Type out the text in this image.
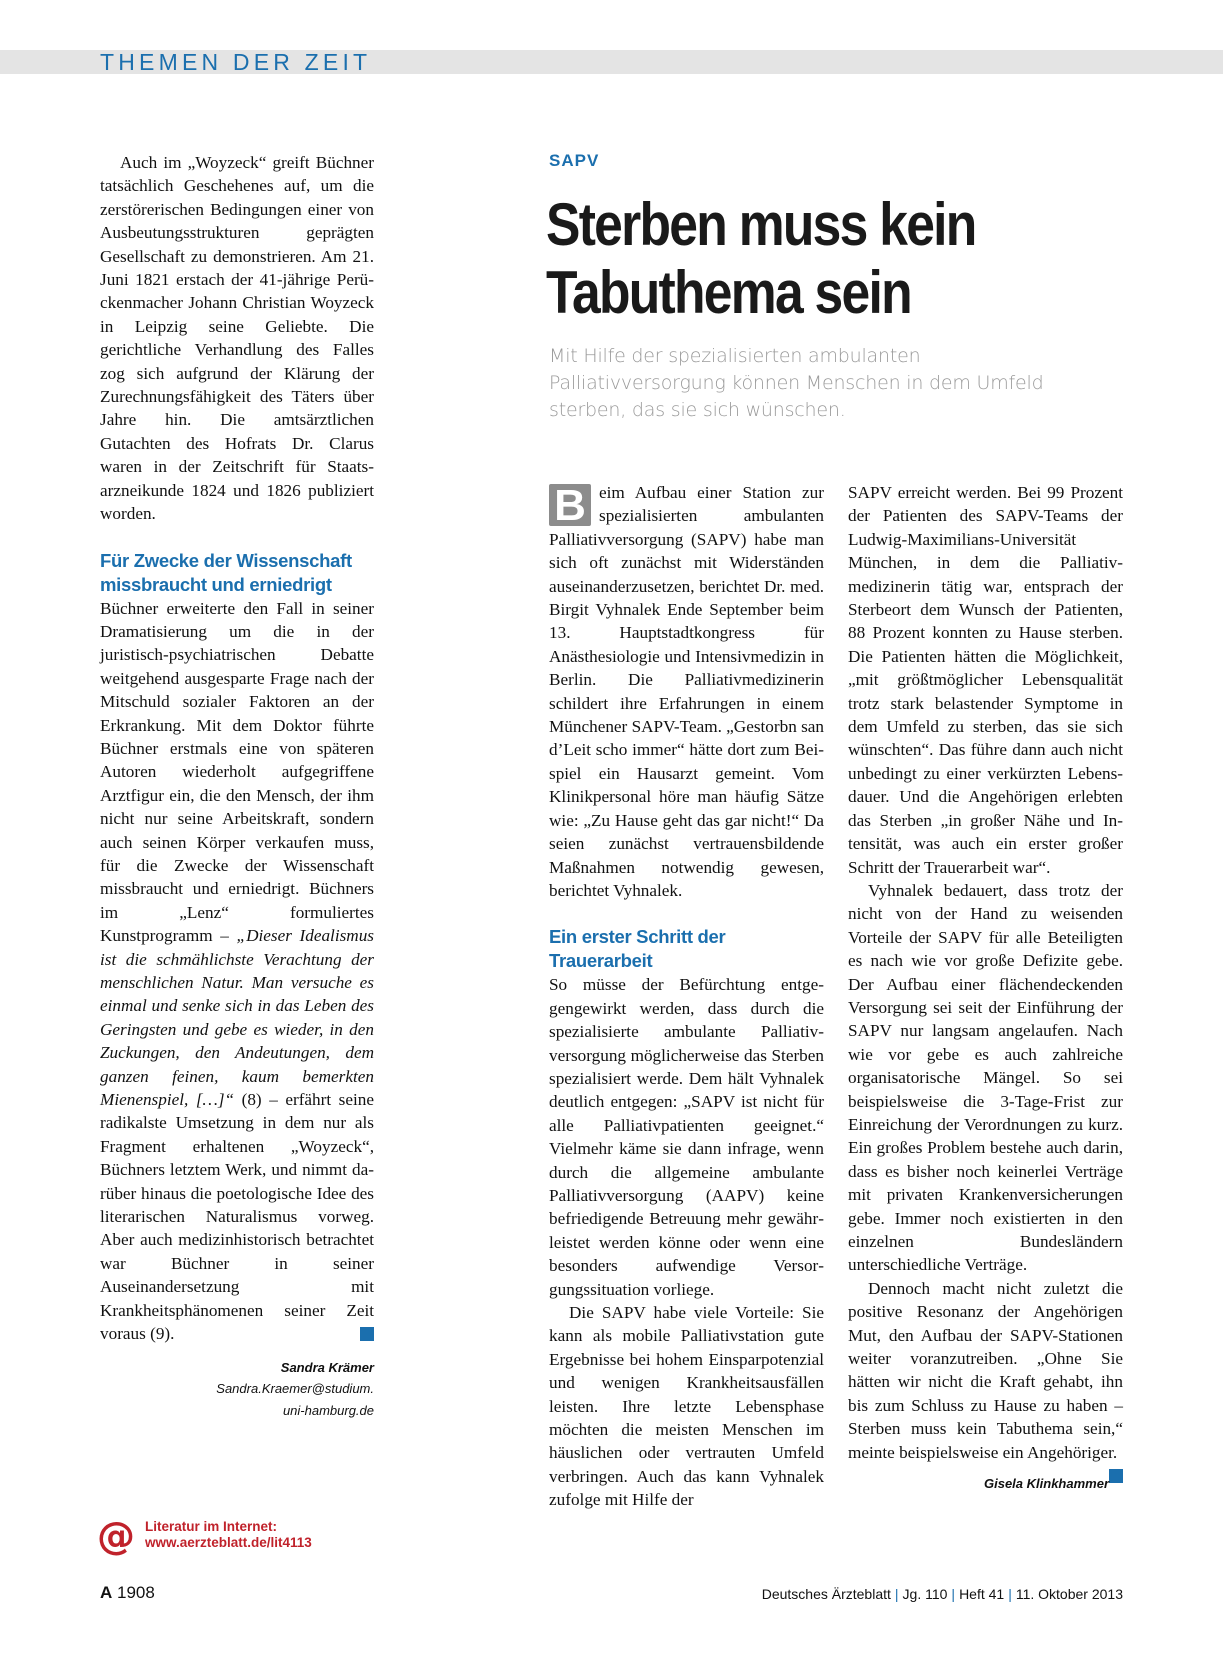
THEMEN DER ZEIT

Auch im „Woyzeck“ greift Büchner tatsächlich Geschehenes auf, um die zerstörerischen Bedingungen einer von Ausbeutungsstrukturen geprägten Gesellschaft zu demonstrieren. Am 21. Juni 1821 erstach der 41-jährige Perückenmacher Johann Christian Woyzeck in Leipzig seine Geliebte. Die gerichtliche Verhandlung des Falles zog sich aufgrund der Klärung der Zurechnungsfähigkeit des Täters über Jahre hin. Die amtsärztlichen Gutachten des Hofrats Dr. Clarus waren in der Zeitschrift für Staatsarzneikunde 1824 und 1826 publiziert worden.

Für Zwecke der Wissenschaft missbraucht und erniedrigt

Büchner erweiterte den Fall in seiner Dramatisierung um die in der juristisch-psychiatrischen Debatte weitgehend ausgesparte Frage nach der Mitschuld sozialer Faktoren an der Erkrankung. Mit dem Doktor führte Büchner erstmals eine von späteren Autoren wiederholt aufgegriffene Arztfigur ein, die den Mensch, der ihm nicht nur seine Arbeitskraft, sondern auch seinen Körper verkaufen muss, für die Zwecke der Wissenschaft missbraucht und erniedrigt. Büchners im „Lenz“ formuliertes Kunstprogramm – „Dieser Idealismus ist die schmählichste Verachtung der menschlichen Natur. Man versuche es einmal und senke sich in das Leben des Geringsten und gebe es wieder, in den Zuckungen, den Andeutungen, dem ganzen feinen, kaum bemerkten Mienenspiel, […]“ (8) – erfährt seine radikalste Umsetzung in dem nur als Fragment erhaltenen „Woyzeck“, Büchners letztem Werk, und nimmt darüber hinaus die poetologische Idee des literarischen Naturalismus vorweg. Aber auch medizinhistorisch betrachtet war Büchner in seiner Auseinandersetzung mit Krankheitsphänomenen seiner Zeit voraus (9).

Sandra Krämer
Sandra.Kraemer@studium.
uni-hamburg.de
@ Literatur im Internet:
www.aerzteblatt.de/lit4113
SAPV
Sterben muss kein
Tabuthema sein
Mit Hilfe der spezialisierten ambulanten Palliativversorgung können Menschen in dem Umfeld sterben, das sie sich wünschen.

B eim Aufbau einer Station zur spezialisierten ambulanten Palliativversorgung (SAPV) habe man sich oft zunächst mit Widerständen auseinanderzusetzen, berichtet Dr. med. Birgit Vyhnalek Ende September beim 13. Hauptstadtkongress für Anästhesiologie und Intensivmedizin in Berlin. Die Palliativmedizinerin schildert ihre Erfahrungen in einem Münchener SAPV-Team. „Gestorbn san d’Leit scho immer“ hätte dort zum Beispiel ein Hausarzt gemeint. Vom Klinikpersonal höre man häufig Sätze wie: „Zu Hause geht das gar nicht!“ Da seien zunächst vertrauensbildende Maßnahmen notwendig gewesen, berichtet Vyhnalek.

Ein erster Schritt der Trauerarbeit

So müsse der Befürchtung entgegengewirkt werden, dass durch die spezialisierte ambulante Palliativversorgung möglicherweise das Sterben spezialisiert werde. Dem hält Vyhnalek deutlich entgegen: „SAPV ist nicht für alle Palliativpatienten geeignet.“ Vielmehr käme sie dann infrage, wenn durch die allgemeine ambulante Palliativversorgung (AAPV) keine befriedigende Betreuung mehr gewährleistet werden könne oder wenn eine besonders aufwendige Versorgungssituation vorliege.

Die SAPV habe viele Vorteile: Sie kann als mobile Palliativstation gute Ergebnisse bei hohem Einsparpotenzial und wenigen Krankheitsausfällen leisten. Ihre letzte Lebensphase möchten die meisten Menschen im häuslichen oder vertrauten Umfeld verbringen. Auch das kann Vyhnalek zufolge mit Hilfe der

SAPV erreicht werden. Bei 99 Prozent der Patienten des SAPV-Teams der Ludwig-Maximilians-Universität München, in dem die Palliativmedizinerin tätig war, entsprach der Sterbeort dem Wunsch der Patienten, 88 Prozent konnten zu Hause sterben. Die Patienten hätten die Möglichkeit, „mit größtmöglicher Lebensqualität trotz stark belastender Symptome in dem Umfeld zu sterben, das sie sich wünschten“. Das führe dann auch nicht unbedingt zu einer verkürzten Lebensdauer. Und die Angehörigen erlebten das Sterben „in großer Nähe und Intensität, was auch ein erster großer Schritt der Trauerarbeit war“.

Vyhnalek bedauert, dass trotz der nicht von der Hand zu weisenden Vorteile der SAPV für alle Beteiligten es nach wie vor große Defizite gebe. Der Aufbau einer flächendeckenden Versorgung sei seit der Einführung der SAPV nur langsam angelaufen. Nach wie vor gebe es auch zahlreiche organisatorische Mängel. So sei beispielsweise die 3-Tage-Frist zur Einreichung der Verordnungen zu kurz. Ein großes Problem bestehe auch darin, dass es bisher noch keinerlei Verträge mit privaten Krankenversicherungen gebe. Immer noch existierten in den einzelnen Bundesländern unterschiedliche Verträge.

Dennoch macht nicht zuletzt die positive Resonanz der Angehörigen Mut, den Aufbau der SAPV-Stationen weiter voranzutreiben. „Ohne Sie hätten wir nicht die Kraft gehabt, ihn bis zum Schluss zu Hause zu haben – Sterben muss kein Tabuthema sein,“ meinte beispielsweise ein Angehöriger.

Gisela Klinkhammer
A 1908	Deutsches Ärzteblatt | Jg. 110 | Heft 41 | 11. Oktober 2013
